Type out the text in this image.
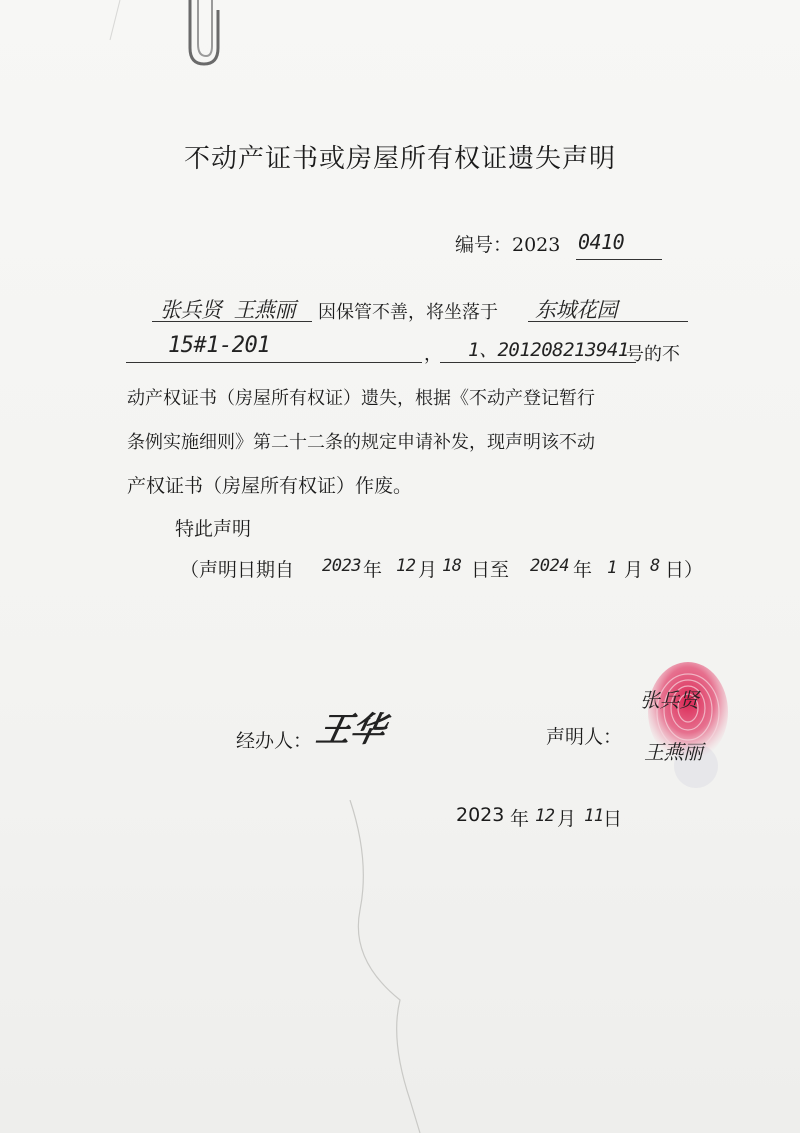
不动产证书或房屋所有权证遗失声明
编号：2023 0410
张兵贤 王燕丽 因保管不善，将坐落于 东城花园
15#1-201	， 1、201208213941
号的不
动产权证书（房屋所有权证）遗失，根据《不动产登记暂行
条例实施细则》第二十二条的规定申请补发，现声明该不动
产权证书（房屋所有权证）作废。
特此声明
（声明日期自 2023 年 12 月 18 日至 2024 年 1 月 8 日）
经办人： 王华	声明人：
张兵贤
王燕丽
2023 年 12 月 11 日
